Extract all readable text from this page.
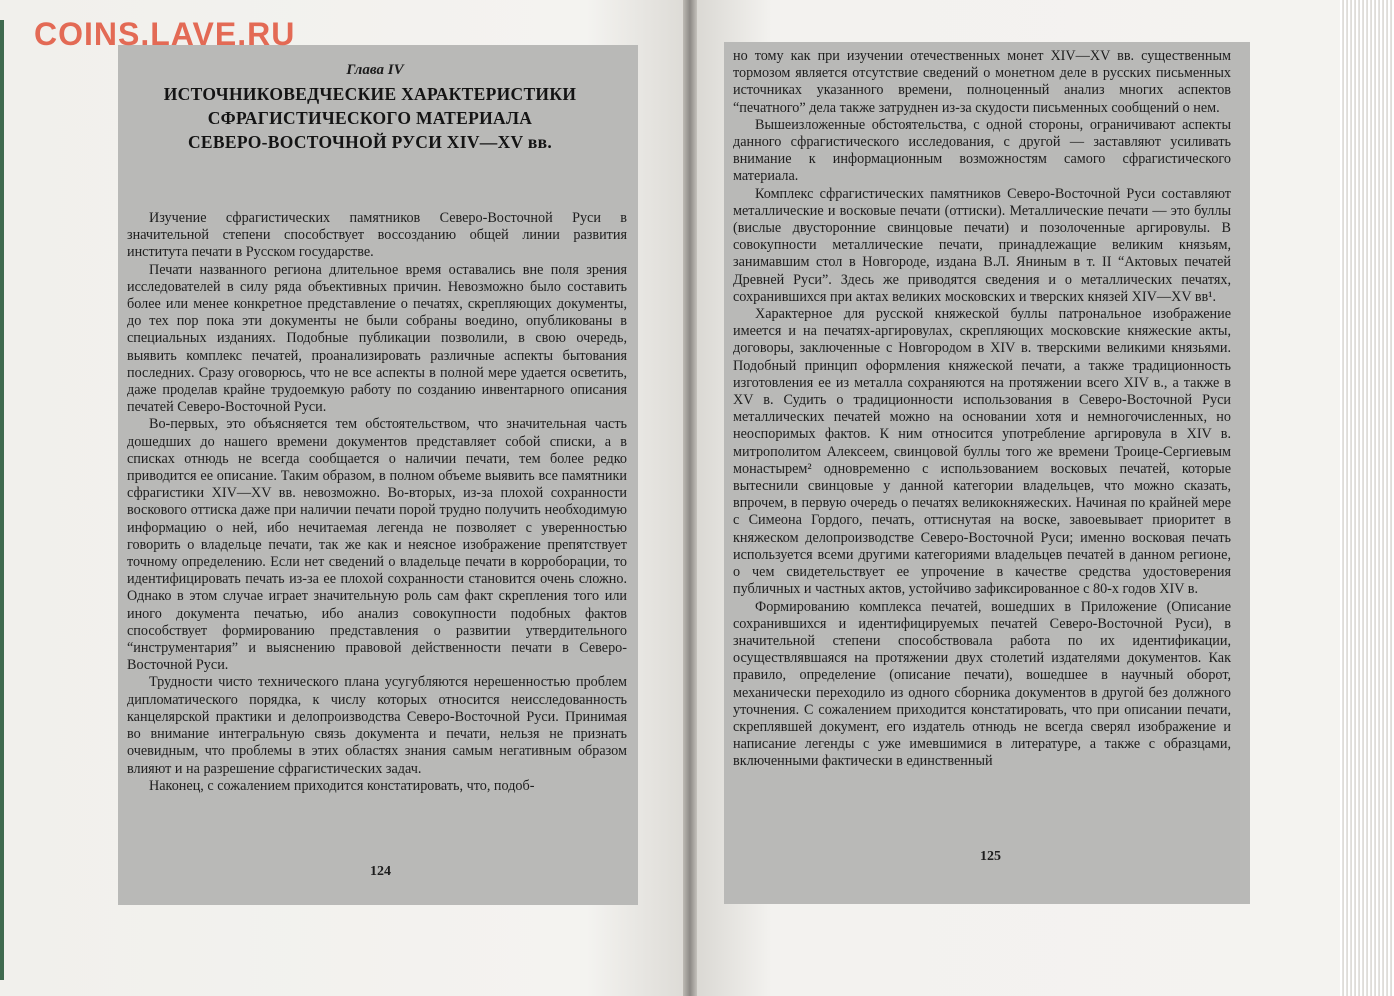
COINS.LAVE.RU
Глава IV
ИСТОЧНИКОВЕДЧЕСКИЕ ХАРАКТЕРИСТИКИ
СФРАГИСТИЧЕСКОГО МАТЕРИАЛА
СЕВЕРО-ВОСТОЧНОЙ РУСИ XIV—XV вв.

Изучение сфрагистических памятников Северо-Восточной Руси в значительной степени способствует воссозданию общей линии развития института печати в Русском государстве.

Печати названного региона длительное время оставались вне поля зрения исследователей в силу ряда объективных причин. Невозможно было составить более или менее конкретное представление о печатях, скрепляющих документы, до тех пор пока эти документы не были собраны воедино, опубликованы в специальных изданиях. Подобные публикации позволили, в свою очередь, выявить комплекс печатей, проанализировать различные аспекты бытования последних. Сразу оговорюсь, что не все аспекты в полной мере удается осветить, даже проделав крайне трудоемкую работу по созданию инвентарного описания печатей Северо-Восточной Руси.

Во-первых, это объясняется тем обстоятельством, что значительная часть дошедших до нашего времени документов представляет собой списки, а в списках отнюдь не всегда сообщается о наличии печати, тем более редко приводится ее описание. Таким образом, в полном объеме выявить все памятники сфрагистики XIV—XV вв. невозможно. Во-вторых, из-за плохой сохранности воскового оттиска даже при наличии печати порой трудно получить необходимую информацию о ней, ибо нечитаемая легенда не позволяет с уверенностью говорить о владельце печати, так же как и неясное изображение препятствует точному определению. Если нет сведений о владельце печати в корроборации, то идентифицировать печать из-за ее плохой сохранности становится очень сложно. Однако в этом случае играет значительную роль сам факт скрепления того или иного документа печатью, ибо анализ совокупности подобных фактов способствует формированию представления о развитии утвердительного “инструментария” и выяснению правовой действенности печати в Северо-Восточной Руси.

Трудности чисто технического плана усугубляются нерешенностью проблем дипломатического порядка, к числу которых относится неисследованность канцелярской практики и делопроизводства Северо-Восточной Руси. Принимая во внимание интегральную связь документа и печати, нельзя не признать очевидным, что проблемы в этих областях знания самым негативным образом влияют и на разрешение сфрагистических задач.

Наконец, с сожалением приходится констатировать, что, подоб-

124

но тому как при изучении отечественных монет XIV—XV вв. существенным тормозом является отсутствие сведений о монетном деле в русских письменных источниках указанного времени, полноценный анализ многих аспектов “печатного” дела также затруднен из-за скудости письменных сообщений о нем.

Вышеизложенные обстоятельства, с одной стороны, ограничивают аспекты данного сфрагистического исследования, с другой — заставляют усиливать внимание к информационным возможностям самого сфрагистического материала.

Комплекс сфрагистических памятников Северо-Восточной Руси составляют металлические и восковые печати (оттиски). Металлические печати — это буллы (вислые двусторонние свинцовые печати) и позолоченные аргировулы. В совокупности металлические печати, принадлежащие великим князьям, занимавшим стол в Новгороде, издана В.Л. Яниным в т. II “Актовых печатей Древней Руси”. Здесь же приводятся сведения и о металлических печатях, сохранившихся при актах великих московских и тверских князей XIV—XV вв¹.

Характерное для русской княжеской буллы патрональное изображение имеется и на печатях-аргировулах, скрепляющих московские княжеские акты, договоры, заключенные с Новгородом в XIV в. тверскими великими князьями. Подобный принцип оформления княжеской печати, а также традиционность изготовления ее из металла сохраняются на протяжении всего XIV в., а также в XV в. Судить о традиционности использования в Северо-Восточной Руси металлических печатей можно на основании хотя и немногочисленных, но неоспоримых фактов. К ним относится употребление аргировула в XIV в. митрополитом Алексеем, свинцовой буллы того же времени Троице-Сергиевым монастырем² одновременно с использованием восковых печатей, которые вытеснили свинцовые у данной категории владельцев, что можно сказать, впрочем, в первую очередь о печатях великокняжеских. Начиная по крайней мере с Симеона Гордого, печать, оттиснутая на воске, завоевывает приоритет в княжеском делопроизводстве Северо-Восточной Руси; именно восковая печать используется всеми другими категориями владельцев печатей в данном регионе, о чем свидетельствует ее упрочение в качестве средства удостоверения публичных и частных актов, устойчиво зафиксированное с 80-х годов XIV в.

Формированию комплекса печатей, вошедших в Приложение (Описание сохранившихся и идентифицируемых печатей Северо-Восточной Руси), в значительной степени способствовала работа по их идентификации, осуществлявшаяся на протяжении двух столетий издателями документов. Как правило, определение (описание печати), вошедшее в научный оборот, механически переходило из одного сборника документов в другой без должного уточнения. С сожалением приходится констатировать, что при описании печати, скреплявшей документ, его издатель отнюдь не всегда сверял изображение и написание легенды с уже имевшимися в литературе, а также с образцами, включенными фактически в единственный

125
